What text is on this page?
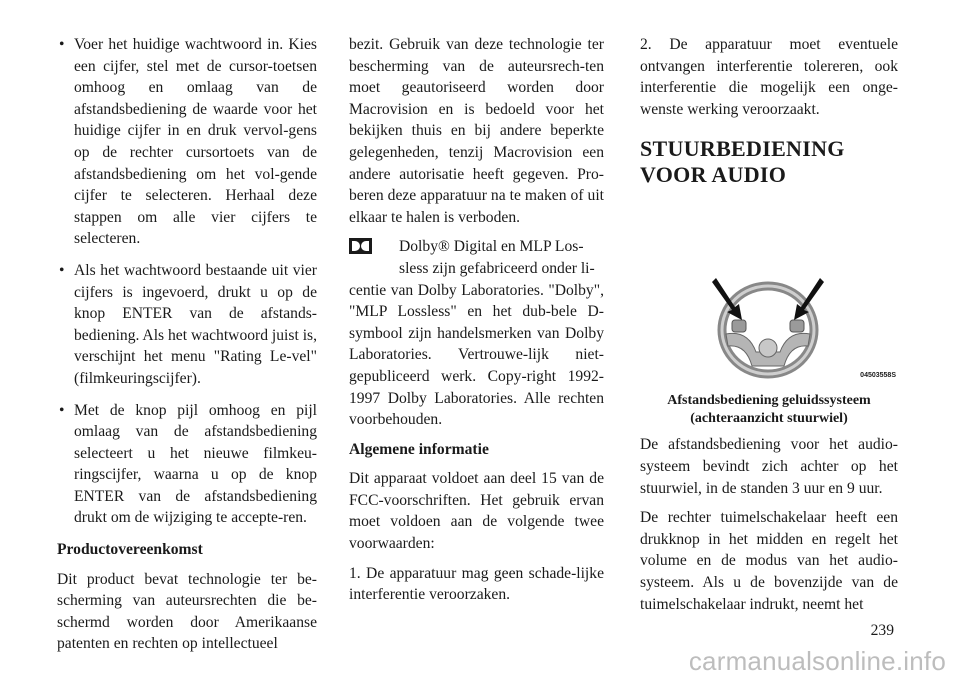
• Voer het huidige wachtwoord in. Kies een cijfer, stel met de cursor-toetsen omhoog en omlaag van de afstandsbediening de waarde voor het huidige cijfer in en druk vervol-gens op de rechter cursortoets van de afstandsbediening om het vol-gende cijfer te selecteren. Herhaal deze stappen om alle vier cijfers te selecteren.
• Als het wachtwoord bestaande uit vier cijfers is ingevoerd, drukt u op de knop ENTER van de afstands-bediening. Als het wachtwoord juist is, verschijnt het menu "Rating Le-vel" (filmkeuringscijfer).
• Met de knop pijl omhoog en pijl omlaag van de afstandsbediening selecteert u het nieuwe filmkeu-ringscijfer, waarna u op de knop ENTER van de afstandsbediening drukt om de wijziging te accepte-ren.
Productovereenkomst

Dit product bevat technologie ter be-scherming van auteursrechten die be-schermd worden door Amerikaanse patenten en rechten op intellectueel

bezit. Gebruik van deze technologie ter bescherming van de auteursrech-ten moet geautoriseerd worden door Macrovision en is bedoeld voor het bekijken thuis en bij andere beperkte gelegenheden, tenzij Macrovision een andere autorisatie heeft gegeven. Pro-beren deze apparatuur na te maken of uit elkaar te halen is verboden.

Dolby® Digital en MLP Los-
sless zijn gefabriceerd onder li-
centie van Dolby Laboratories. "Dolby", "MLP Lossless" en het dub-bele D-symbool zijn handelsmerken van Dolby Laboratories. Vertrouwe-lijk niet-gepubliceerd werk. Copy-right 1992-1997 Dolby Laboratories. Alle rechten voorbehouden.
Algemene informatie

Dit apparaat voldoet aan deel 15 van de FCC-voorschriften. Het gebruik ervan moet voldoen aan de volgende twee voorwaarden:

1. De apparatuur mag geen schade-lijke interferentie veroorzaken.

2. De apparatuur moet eventuele ontvangen interferentie tolereren, ook interferentie die mogelijk een onge-wenste werking veroorzaakt.

STUURBEDIENING
VOOR AUDIO
04503558S
Afstandsbediening geluidssysteem
(achteraanzicht stuurwiel)

De afstandsbediening voor het audio-systeem bevindt zich achter op het stuurwiel, in de standen 3 uur en 9 uur.

De rechter tuimelschakelaar heeft een drukknop in het midden en regelt het volume en de modus van het audio-systeem. Als u de bovenzijde van de tuimelschakelaar indrukt, neemt het

239
carmanualsonline.info
